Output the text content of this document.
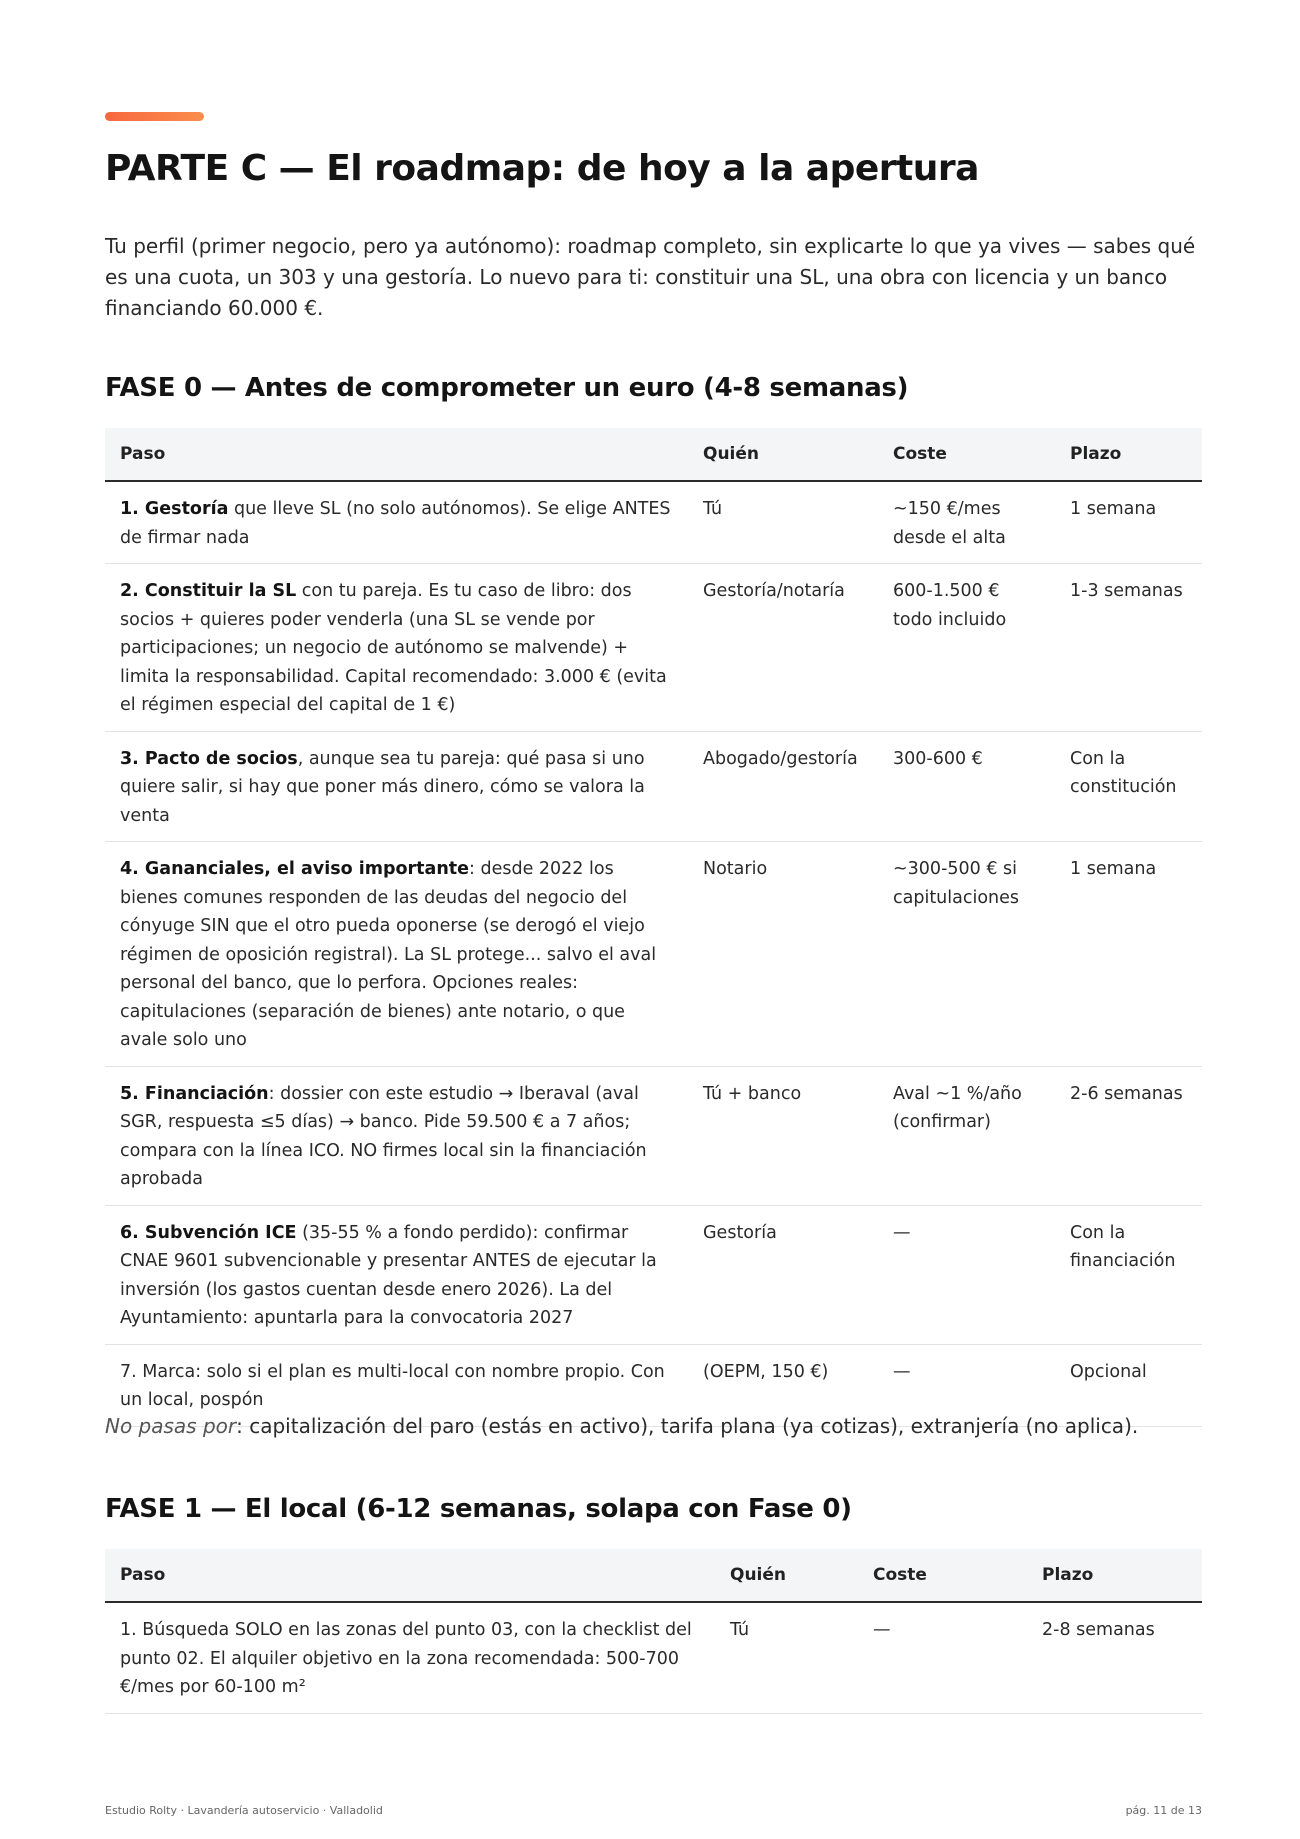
PARTE C — El roadmap: de hoy a la apertura

Tu perfil (primer negocio, pero ya autónomo): roadmap completo, sin explicarte lo que ya vives — sabes qué es una cuota, un 303 y una gestoría. Lo nuevo para ti: constituir una SL, una obra con licencia y un banco financiando 60.000 €.

FASE 0 — Antes de comprometer un euro (4-8 semanas)
Paso	Quién	Coste	Plazo
1. Gestoría que lleve SL (no solo autónomos). Se elige ANTES de firmar nada	Tú	~150 €/mes desde el alta	1 semana
2. Constituir la SL con tu pareja. Es tu caso de libro: dos socios + quieres poder venderla (una SL se vende por participaciones; un negocio de autónomo se malvende) + limita la responsabilidad. Capital recomendado: 3.000 € (evita el régimen especial del capital de 1 €)	Gestoría/notaría	600-1.500 € todo incluido	1-3 semanas
3. Pacto de socios, aunque sea tu pareja: qué pasa si uno quiere salir, si hay que poner más dinero, cómo se valora la venta	Abogado/gestoría	300-600 €	Con la constitución
4. Gananciales, el aviso importante: desde 2022 los bienes comunes responden de las deudas del negocio del cónyuge SIN que el otro pueda oponerse (se derogó el viejo régimen de oposición registral). La SL protege... salvo el aval personal del banco, que lo perfora. Opciones reales: capitulaciones (separación de bienes) ante notario, o que avale solo uno	Notario	~300-500 € si capitulaciones	1 semana
5. Financiación: dossier con este estudio → Iberaval (aval SGR, respuesta ≤5 días) → banco. Pide 59.500 € a 7 años; compara con la línea ICO. NO firmes local sin la financiación aprobada	Tú + banco	Aval ~1 %/año (confirmar)	2-6 semanas
6. Subvención ICE (35-55 % a fondo perdido): confirmar CNAE 9601 subvencionable y presentar ANTES de ejecutar la inversión (los gastos cuentan desde enero 2026). La del Ayuntamiento: apuntarla para la convocatoria 2027	Gestoría	—	Con la financiación
7. Marca: solo si el plan es multi-local con nombre propio. Con un local, pospón	(OEPM, 150 €)	—	Opcional

No pasas por: capitalización del paro (estás en activo), tarifa plana (ya cotizas), extranjería (no aplica).

FASE 1 — El local (6-12 semanas, solapa con Fase 0)
Paso	Quién	Coste	Plazo
1. Búsqueda SOLO en las zonas del punto 03, con la checklist del punto 02. El alquiler objetivo en la zona recomendada: 500-700 €/mes por 60-100 m²	Tú	—	2-8 semanas
Estudio Rolty · Lavandería autoservicio · Valladolid	pág. 11 de 13
